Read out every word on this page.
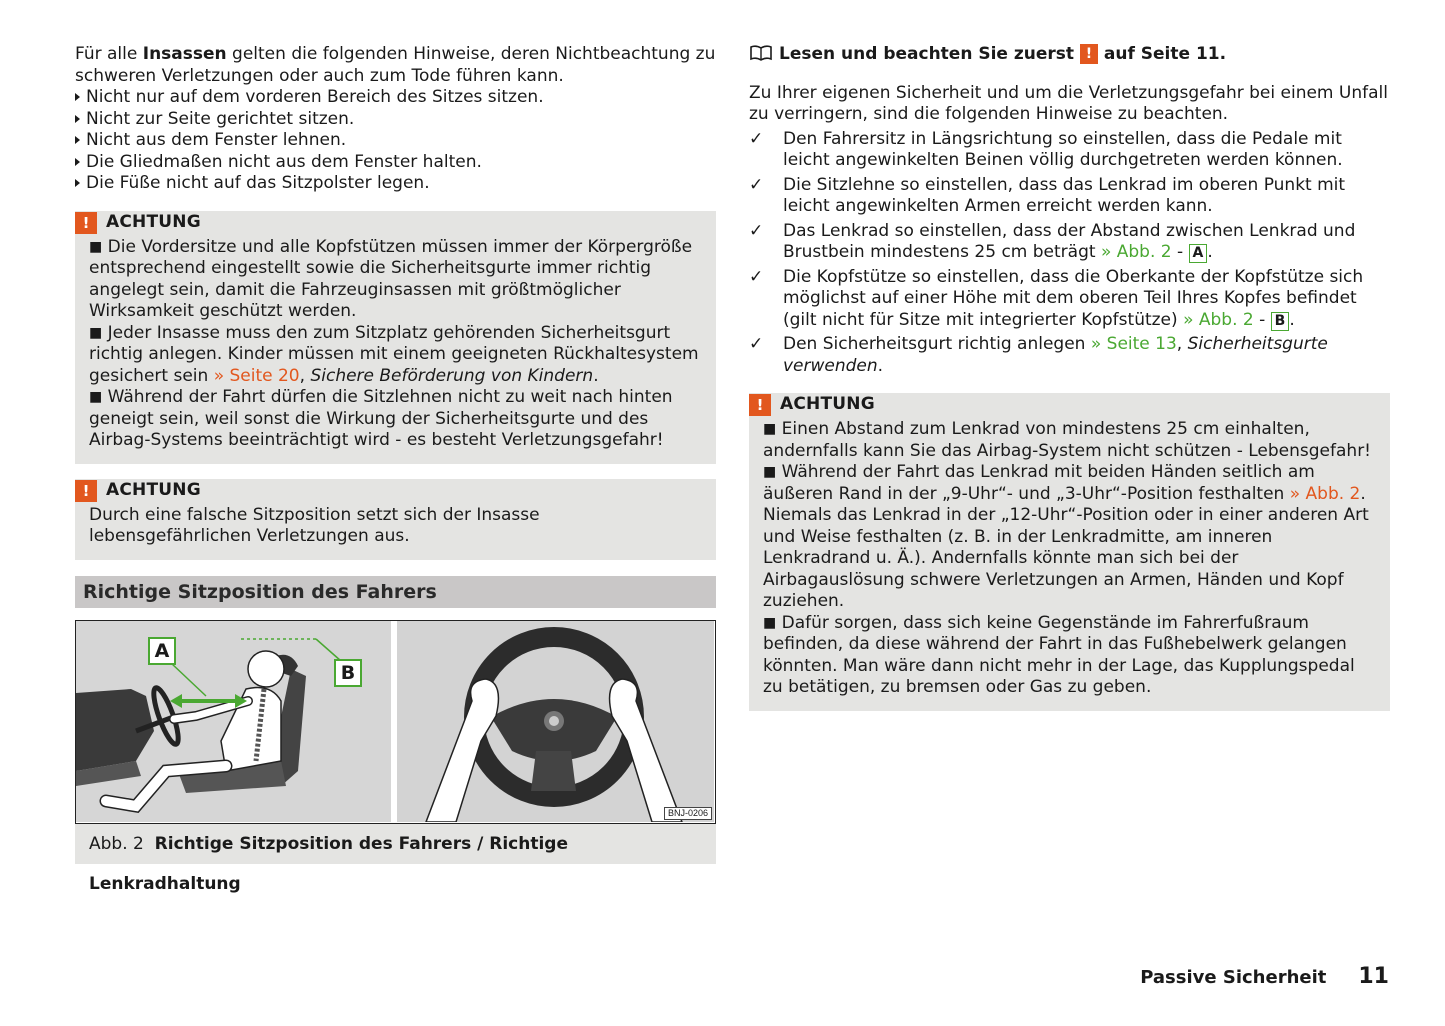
Für alle Insassen gelten die folgenden Hinweise, deren Nichtbeachtung zu schweren Verletzungen oder auch zum Tode führen kann.

Nicht nur auf dem vorderen Bereich des Sitzes sitzen.
Nicht zur Seite gerichtet sitzen.
Nicht aus dem Fenster lehnen.
Die Gliedmaßen nicht aus dem Fenster halten.
Die Füße nicht auf das Sitzpolster legen.
! ACHTUNG

■ Die Vordersitze und alle Kopfstützen müssen immer der Körpergröße entsprechend eingestellt sowie die Sicherheitsgurte immer richtig angelegt sein, damit die Fahrzeuginsassen mit größtmöglicher Wirksamkeit geschützt werden.

■ Jeder Insasse muss den zum Sitzplatz gehörenden Sicherheitsgurt richtig anlegen. Kinder müssen mit einem geeigneten Rückhaltesystem gesichert sein » Seite 20, Sichere Beförderung von Kindern.

■ Während der Fahrt dürfen die Sitzlehnen nicht zu weit nach hinten geneigt sein, weil sonst die Wirkung der Sicherheitsgurte und des Airbag-Systems beeinträchtigt wird - es besteht Verletzungsgefahr!

! ACHTUNG

Durch eine falsche Sitzposition setzt sich der Insasse lebensgefährlichen Verletzungen aus.

Richtige Sitzposition des Fahrers
A
B
BNJ-0206
Abb. 2 Richtige Sitzposition des Fahrers / Richtige Lenkradhaltung

Lesen und beachten Sie zuerst ! auf Seite 11.

Zu Ihrer eigenen Sicherheit und um die Verletzungsgefahr bei einem Unfall zu verringern, sind die folgenden Hinweise zu beachten.

✓	Den Fahrersitz in Längsrichtung so einstellen, dass die Pedale mit leicht angewinkelten Beinen völlig durchgetreten werden können.
✓	Die Sitzlehne so einstellen, dass das Lenkrad im oberen Punkt mit leicht angewinkelten Armen erreicht werden kann.
✓	Das Lenkrad so einstellen, dass der Abstand zwischen Lenkrad und Brustbein mindestens 25 cm beträgt » Abb. 2 - A .
✓	Die Kopfstütze so einstellen, dass die Oberkante der Kopfstütze sich möglichst auf einer Höhe mit dem oberen Teil Ihres Kopfes befindet (gilt nicht für Sitze mit integrierter Kopfstütze) » Abb. 2 - B .
✓	Den Sicherheitsgurt richtig anlegen » Seite 13, Sicherheitsgurte verwenden.
! ACHTUNG

■ Einen Abstand zum Lenkrad von mindestens 25 cm einhalten, andernfalls kann Sie das Airbag-System nicht schützen - Lebensgefahr!

■ Während der Fahrt das Lenkrad mit beiden Händen seitlich am äußeren Rand in der „9-Uhr“- und „3-Uhr“-Position festhalten » Abb. 2. Niemals das Lenkrad in der „12-Uhr“-Position oder in einer anderen Art und Weise festhalten (z. B. in der Lenkradmitte, am inneren Lenkradrand u. Ä.). Andernfalls könnte man sich bei der Airbagauslösung schwere Verletzungen an Armen, Händen und Kopf zuziehen.

■ Dafür sorgen, dass sich keine Gegenstände im Fahrerfußraum befinden, da diese während der Fahrt in das Fußhebelwerk gelangen könnten. Man wäre dann nicht mehr in der Lage, das Kupplungspedal zu betätigen, zu bremsen oder Gas zu geben.

Passive Sicherheit 11
